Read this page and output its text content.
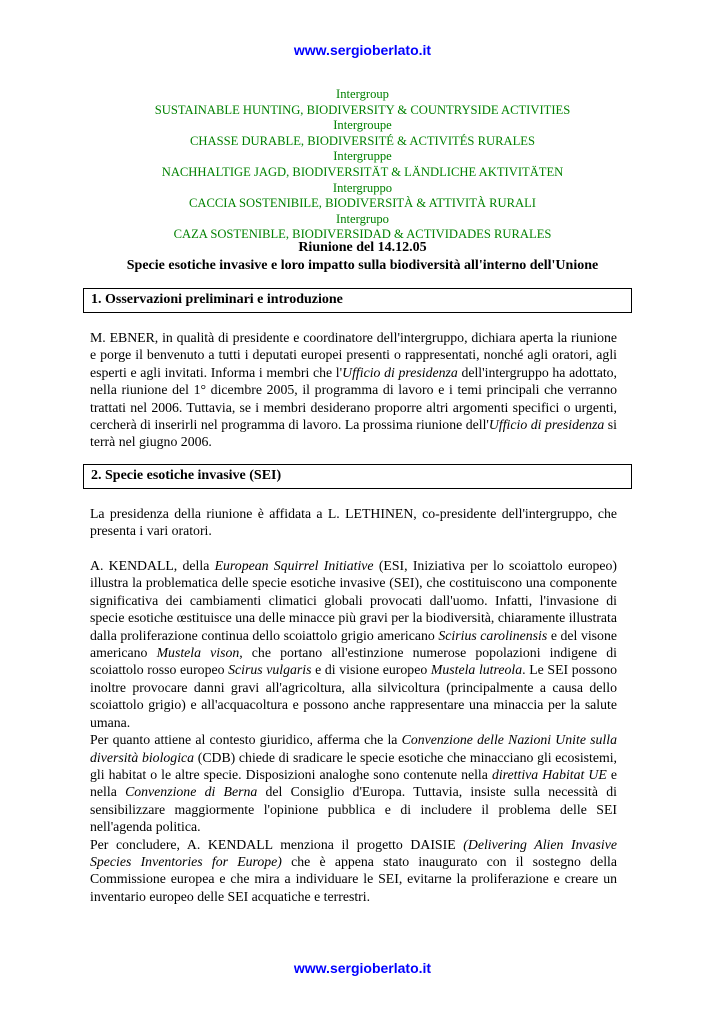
www.sergioberlato.it
Intergroup
SUSTAINABLE HUNTING, BIODIVERSITY & COUNTRYSIDE ACTIVITIES
Intergroupe
CHASSE DURABLE, BIODIVERSITÉ & ACTIVITÉS RURALES
Intergruppe
NACHHALTIGE JAGD, BIODIVERSITÄT & LÄNDLICHE AKTIVITÄTEN
Intergruppo
CACCIA SOSTENIBILE, BIODIVERSITÀ & ATTIVITÀ RURALI
Intergrupo
CAZA SOSTENIBLE, BIODIVERSIDAD & ACTIVIDADES RURALES
Riunione del 14.12.05
Specie esotiche invasive e loro impatto sulla biodiversità all'interno dell'Unione
1. Osservazioni preliminari e introduzione
M. EBNER, in qualità di presidente e coordinatore dell'intergruppo, dichiara aperta la riunione e porge il benvenuto a tutti i deputati europei presenti o rappresentati, nonché agli oratori, agli esperti e agli invitati. Informa i membri che l'Ufficio di presidenza dell'intergruppo ha adottato, nella riunione del 1° dicembre 2005, il programma di lavoro e i temi principali che verranno trattati nel 2006. Tuttavia, se i membri desiderano proporre altri argomenti specifici o urgenti, cercherà di inserirli nel programma di lavoro. La prossima riunione dell'Ufficio di presidenza si terrà nel giugno 2006.
2. Specie esotiche invasive (SEI)
La presidenza della riunione è affidata a L. LETHINEN, co-presidente dell'intergruppo, che presenta i vari oratori.
A. KENDALL, della European Squirrel Initiative (ESI, Iniziativa per lo scoiattolo europeo) illustra la problematica delle specie esotiche invasive (SEI), che costituiscono una componente significativa dei cambiamenti climatici globali provocati dall'uomo. Infatti, l'invasione di specie esotiche œstituisce una delle minacce più gravi per la biodiversità, chiaramente illustrata dalla proliferazione continua dello scoiattolo grigio americano Scirius carolinensis e del visone americano Mustela vison, che portano all'estinzione numerose popolazioni indigene di scoiattolo rosso europeo Scirus vulgaris e di visione europeo Mustela lutreola. Le SEI possono inoltre provocare danni gravi all'agricoltura, alla silvicoltura (principalmente a causa dello scoiattolo grigio) e all'acquacoltura e possono anche rappresentare una minaccia per la salute umana.
Per quanto attiene al contesto giuridico, afferma che la Convenzione delle Nazioni Unite sulla diversità biologica (CDB) chiede di sradicare le specie esotiche che minacciano gli ecosistemi, gli habitat o le altre specie. Disposizioni analoghe sono contenute nella direttiva Habitat UE e nella Convenzione di Berna del Consiglio d'Europa. Tuttavia, insiste sulla necessità di sensibilizzare maggiormente l'opinione pubblica e di includere il problema delle SEI nell'agenda politica.
Per concludere, A. KENDALL menziona il progetto DAISIE (Delivering Alien Invasive Species Inventories for Europe) che è appena stato inaugurato con il sostegno della Commissione europea e che mira a individuare le SEI, evitarne la proliferazione e creare un inventario europeo delle SEI acquatiche e terrestri.
www.sergioberlato.it
